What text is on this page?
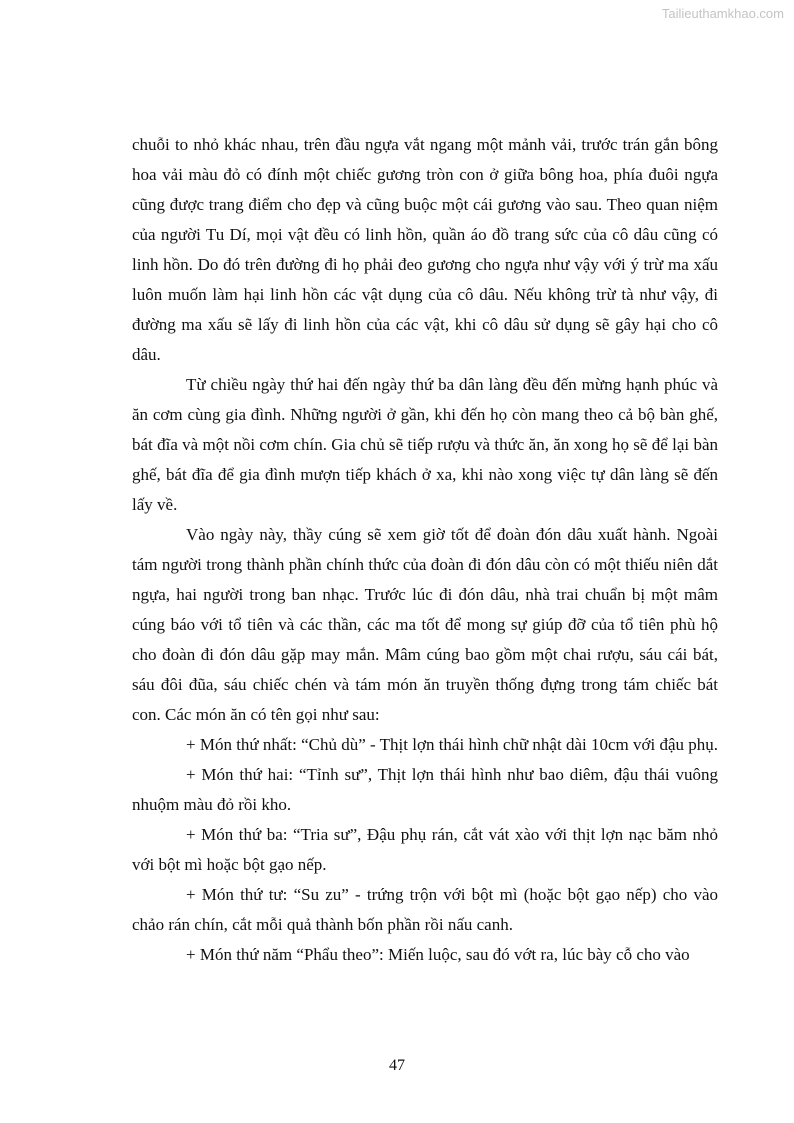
Tailieuthamkhao.com

chuỗi to nhỏ khác nhau, trên đầu ngựa vắt ngang một mảnh vải, trước trán gắn bông hoa vải màu đỏ có đính một chiếc gương tròn con ở giữa bông hoa, phía đuôi ngựa cũng được trang điểm cho đẹp và cũng buộc một cái gương vào sau. Theo quan niệm của người Tu Dí, mọi vật đều có linh hồn, quần áo đồ trang sức của cô dâu cũng có linh hồn. Do đó trên đường đi họ phải đeo gương cho ngựa như vậy với ý trừ ma xấu luôn muốn làm hại linh hồn các vật dụng của cô dâu. Nếu không trừ tà như vậy, đi đường ma xấu sẽ lấy đi linh hồn của các vật, khi cô dâu sử dụng sẽ gây hại cho cô dâu.

Từ chiều ngày thứ hai đến ngày thứ ba dân làng đều đến mừng hạnh phúc và ăn cơm cùng gia đình. Những người ở gần, khi đến họ còn mang theo cả bộ bàn ghế, bát đĩa và một nồi cơm chín. Gia chủ sẽ tiếp rượu và thức ăn, ăn xong họ sẽ để lại bàn ghế, bát đĩa để gia đình mượn tiếp khách ở xa, khi nào xong việc tự dân làng sẽ đến lấy về.

Vào ngày này, thầy cúng sẽ xem giờ tốt để đoàn đón dâu xuất hành. Ngoài tám người trong thành phần chính thức của đoàn đi đón dâu còn có một thiếu niên dắt ngựa, hai người trong ban nhạc. Trước lúc đi đón dâu, nhà trai chuẩn bị một mâm cúng báo với tổ tiên và các thần, các ma tốt để mong sự giúp đỡ của tổ tiên phù hộ cho đoàn đi đón dâu gặp may mắn. Mâm cúng bao gồm một chai rượu, sáu cái bát, sáu đôi đũa, sáu chiếc chén và tám món ăn truyền thống đựng trong tám chiếc bát con. Các món ăn có tên gọi như sau:

+ Món thứ nhất: “Chủ dù” - Thịt lợn thái hình chữ nhật dài 10cm với đậu phụ.

+ Món thứ hai: “Tỉnh sư”, Thịt lợn thái hình như bao diêm, đậu thái vuông nhuộm màu đỏ rồi kho.

+ Món thứ ba: “Tria sư”, Đậu phụ rán, cắt vát xào với thịt lợn nạc băm nhỏ với bột mì hoặc bột gạo nếp.

+ Món thứ tư: “Su zu” - trứng trộn với bột mì (hoặc bột gạo nếp) cho vào chảo rán chín, cắt mỗi quả thành bốn phần rồi nấu canh.

+ Món thứ năm “Phẩu theo”: Miến luộc, sau đó vớt ra, lúc bày cỗ cho vào

47
